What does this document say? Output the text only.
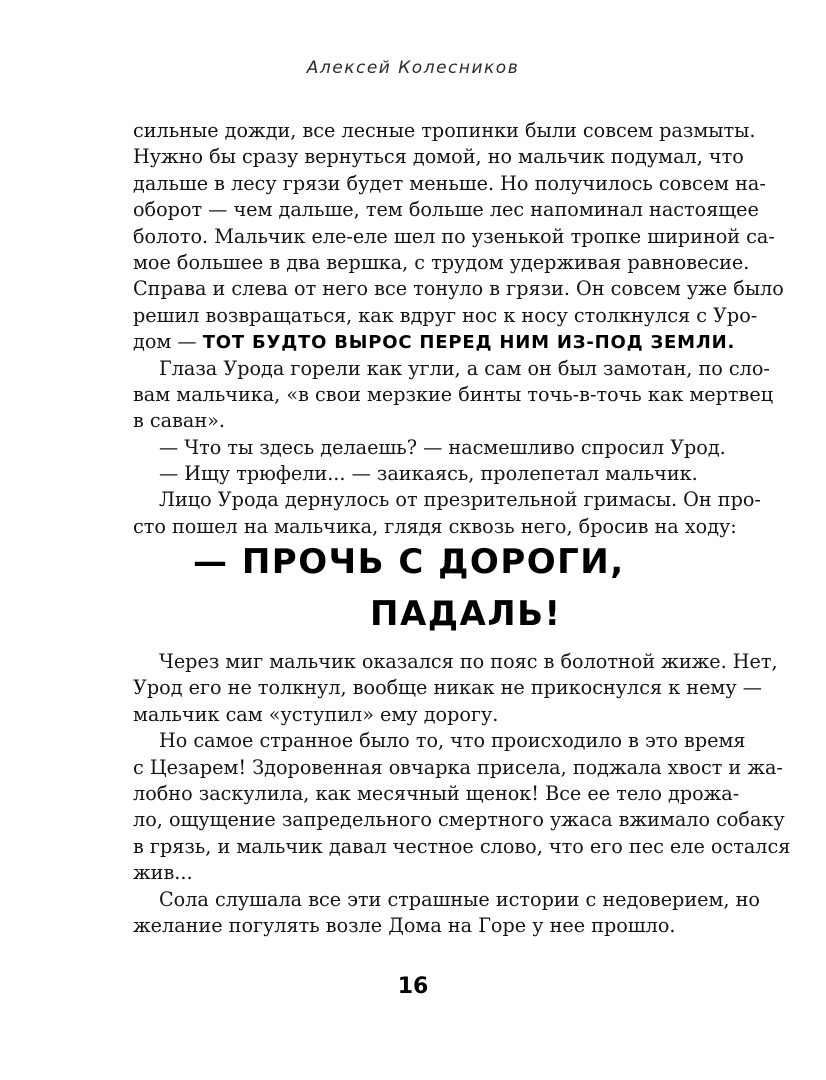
Алексей Колесников
сильные дожди, все лесные тропинки были совсем размыты.
Нужно бы сразу вернуться домой, но мальчик подумал, что
дальше в лесу грязи будет меньше. Но получилось совсем на-
оборот — чем дальше, тем больше лес напоминал настоящее
болото. Мальчик еле-еле шел по узенькой тропке шириной са-
мое большее в два вершка, с трудом удерживая равновесие.
Справа и слева от него все тонуло в грязи. Он совсем уже было
решил возвращаться, как вдруг нос к носу столкнулся с Уро-
дом — ТОТ БУДТО ВЫРОС ПЕРЕД НИМ ИЗ-ПОД ЗЕМЛИ.
Глаза Урода горели как угли, а сам он был замотан, по сло-
вам мальчика, «в свои мерзкие бинты точь-в-точь как мертвец
в саван».
— Что ты здесь делаешь? — насмешливо спросил Урод.
— Ищу трюфели... — заикаясь, пролепетал мальчик.
Лицо Урода дернулось от презрительной гримасы. Он про-
сто пошел на мальчика, глядя сквозь него, бросив на ходу:
— ПРОЧЬ С ДОРОГИ,
ПАДАЛЬ!
Через миг мальчик оказался по пояс в болотной жиже. Нет,
Урод его не толкнул, вообще никак не прикоснулся к нему —
мальчик сам «уступил» ему дорогу.
Но самое странное было то, что происходило в это время
с Цезарем! Здоровенная овчарка присела, поджала хвост и жа-
лобно заскулила, как месячный щенок! Все ее тело дрожа-
ло, ощущение запредельного смертного ужаса вжимало собаку
в грязь, и мальчик давал честное слово, что его пес еле остался
жив...
Сола слушала все эти страшные истории с недоверием, но
желание погулять возле Дома на Горе у нее прошло.
16
